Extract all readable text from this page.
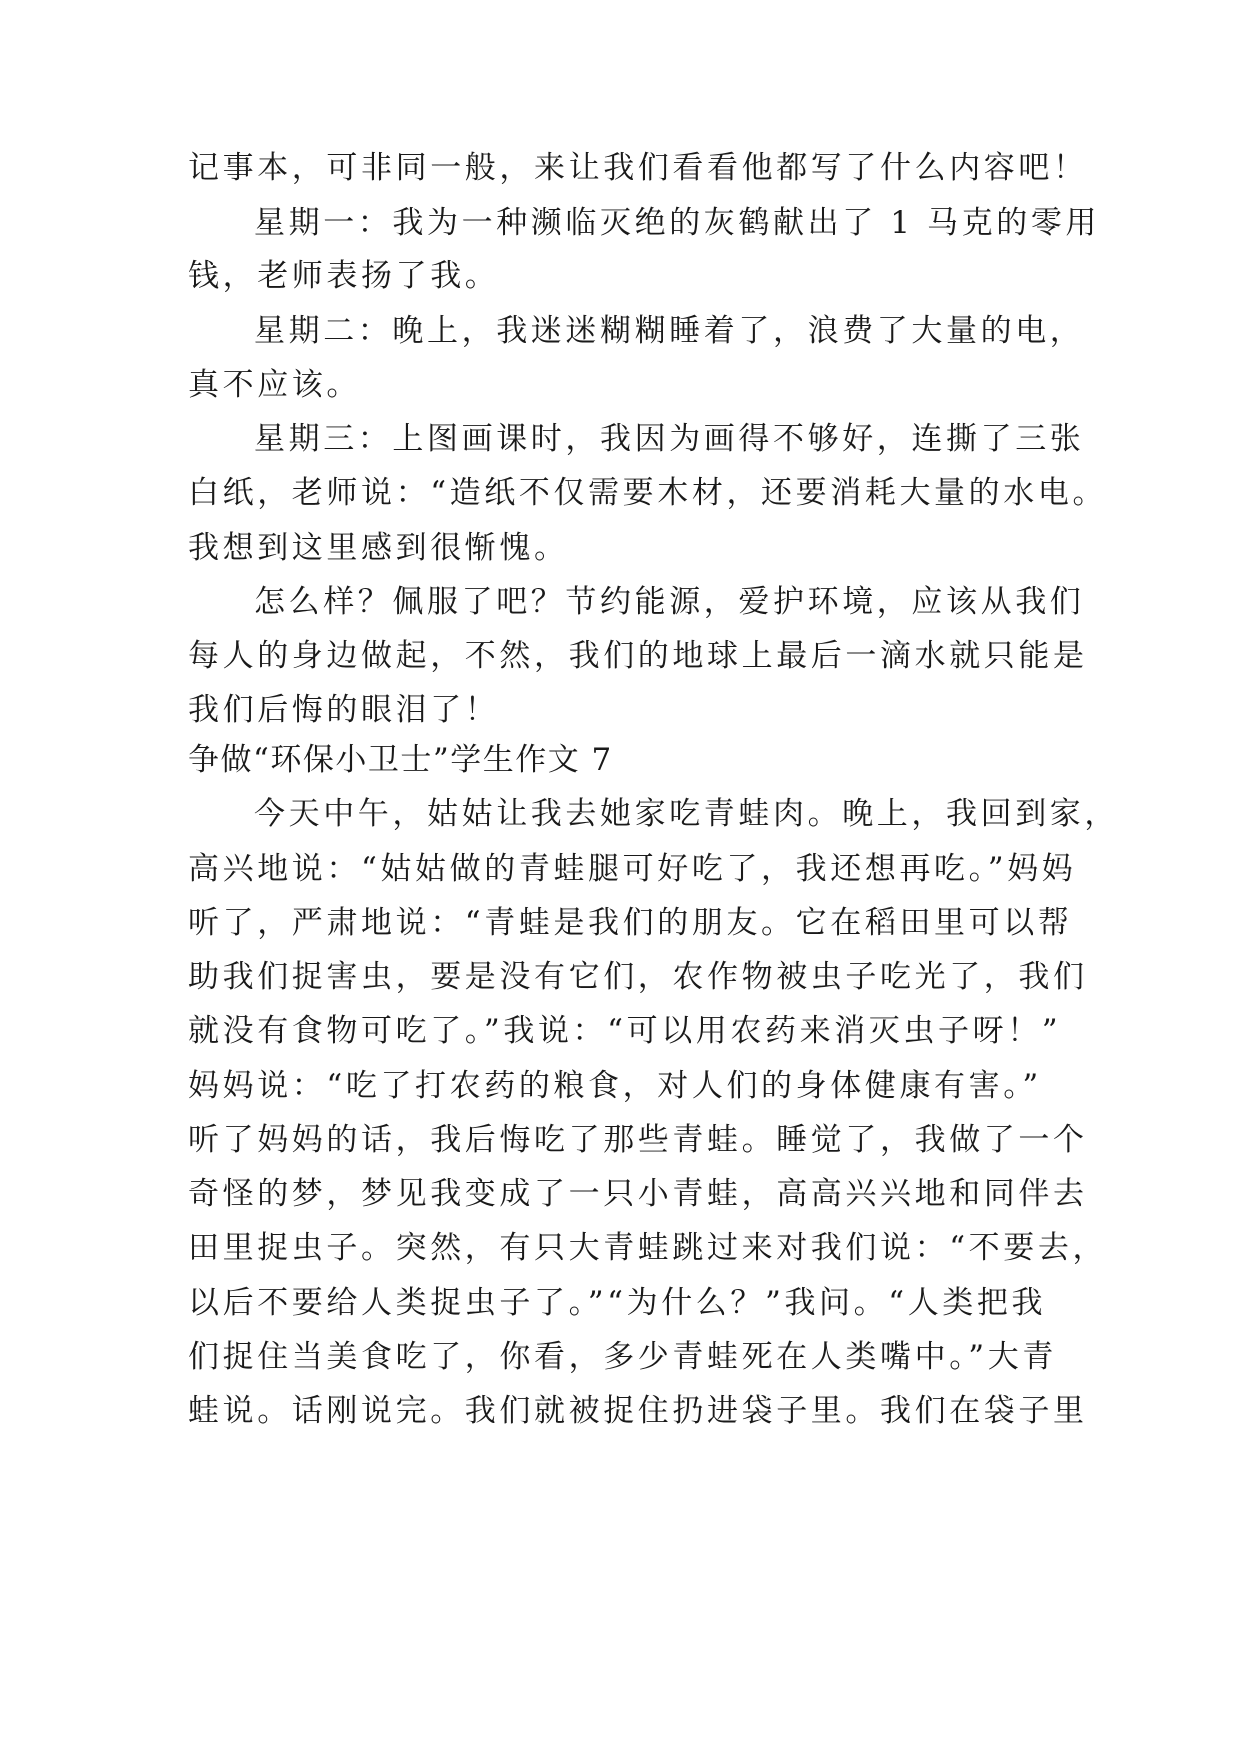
记事本，可非同一般，来让我们看看他都写了什么内容吧！
星期一：我为一种濒临灭绝的灰鹤献出了 1 马克的零用
钱，老师表扬了我。
星期二：晚上，我迷迷糊糊睡着了，浪费了大量的电，
真不应该。
星期三：上图画课时，我因为画得不够好，连撕了三张
白纸，老师说：“造纸不仅需要木材，还要消耗大量的水电。
我想到这里感到很惭愧。
怎么样？佩服了吧？节约能源，爱护环境，应该从我们
每人的身边做起，不然，我们的地球上最后一滴水就只能是
我们后悔的眼泪了！
争做“环保小卫士”学生作文 7
今天中午，姑姑让我去她家吃青蛙肉。晚上，我回到家，
高兴地说：“姑姑做的青蛙腿可好吃了，我还想再吃。”妈妈
听了，严肃地说：“青蛙是我们的朋友。它在稻田里可以帮
助我们捉害虫，要是没有它们，农作物被虫子吃光了，我们
就没有食物可吃了。”我说：“可以用农药来消灭虫子呀！”
妈妈说：“吃了打农药的粮食，对人们的身体健康有害。”
听了妈妈的话，我后悔吃了那些青蛙。睡觉了，我做了一个
奇怪的梦，梦见我变成了一只小青蛙，高高兴兴地和同伴去
田里捉虫子。突然，有只大青蛙跳过来对我们说：“不要去，
以后不要给人类捉虫子了。”“为什么？”我问。“人类把我
们捉住当美食吃了，你看，多少青蛙死在人类嘴中。”大青
蛙说。话刚说完。我们就被捉住扔进袋子里。我们在袋子里
